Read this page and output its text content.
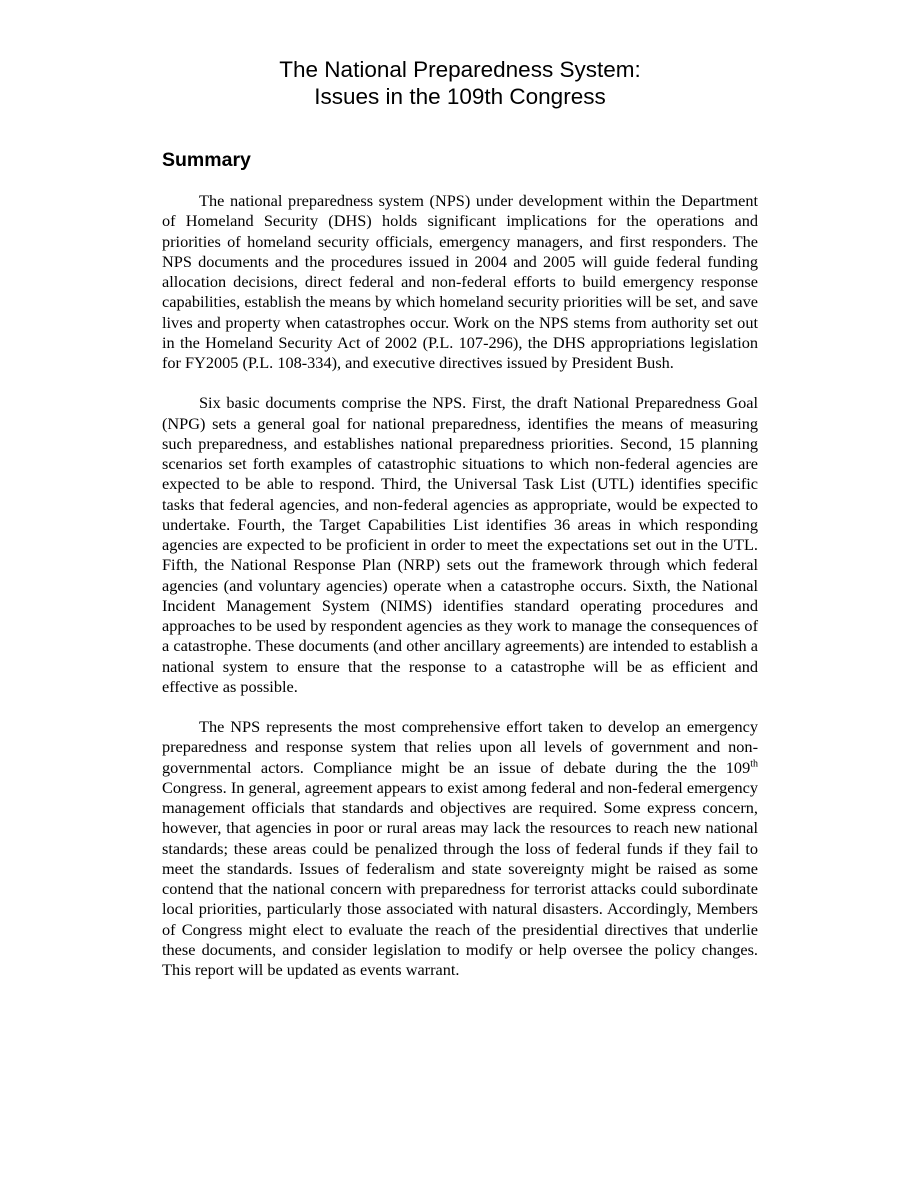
The National Preparedness System:
Issues in the 109th Congress
Summary

The national preparedness system (NPS) under development within the Department of Homeland Security (DHS) holds significant implications for the operations and priorities of homeland security officials, emergency managers, and first responders. The NPS documents and the procedures issued in 2004 and 2005 will guide federal funding allocation decisions, direct federal and non-federal efforts to build emergency response capabilities, establish the means by which homeland security priorities will be set, and save lives and property when catastrophes occur. Work on the NPS stems from authority set out in the Homeland Security Act of 2002 (P.L. 107-296), the DHS appropriations legislation for FY2005 (P.L. 108-334), and executive directives issued by President Bush.

Six basic documents comprise the NPS. First, the draft National Preparedness Goal (NPG) sets a general goal for national preparedness, identifies the means of measuring such preparedness, and establishes national preparedness priorities. Second, 15 planning scenarios set forth examples of catastrophic situations to which non-federal agencies are expected to be able to respond. Third, the Universal Task List (UTL) identifies specific tasks that federal agencies, and non-federal agencies as appropriate, would be expected to undertake. Fourth, the Target Capabilities List identifies 36 areas in which responding agencies are expected to be proficient in order to meet the expectations set out in the UTL. Fifth, the National Response Plan (NRP) sets out the framework through which federal agencies (and voluntary agencies) operate when a catastrophe occurs. Sixth, the National Incident Management System (NIMS) identifies standard operating procedures and approaches to be used by respondent agencies as they work to manage the consequences of a catastrophe. These documents (and other ancillary agreements) are intended to establish a national system to ensure that the response to a catastrophe will be as efficient and effective as possible.

The NPS represents the most comprehensive effort taken to develop an emergency preparedness and response system that relies upon all levels of government and non-governmental actors. Compliance might be an issue of debate during the the 109th Congress. In general, agreement appears to exist among federal and non-federal emergency management officials that standards and objectives are required. Some express concern, however, that agencies in poor or rural areas may lack the resources to reach new national standards; these areas could be penalized through the loss of federal funds if they fail to meet the standards. Issues of federalism and state sovereignty might be raised as some contend that the national concern with preparedness for terrorist attacks could subordinate local priorities, particularly those associated with natural disasters. Accordingly, Members of Congress might elect to evaluate the reach of the presidential directives that underlie these documents, and consider legislation to modify or help oversee the policy changes. This report will be updated as events warrant.
